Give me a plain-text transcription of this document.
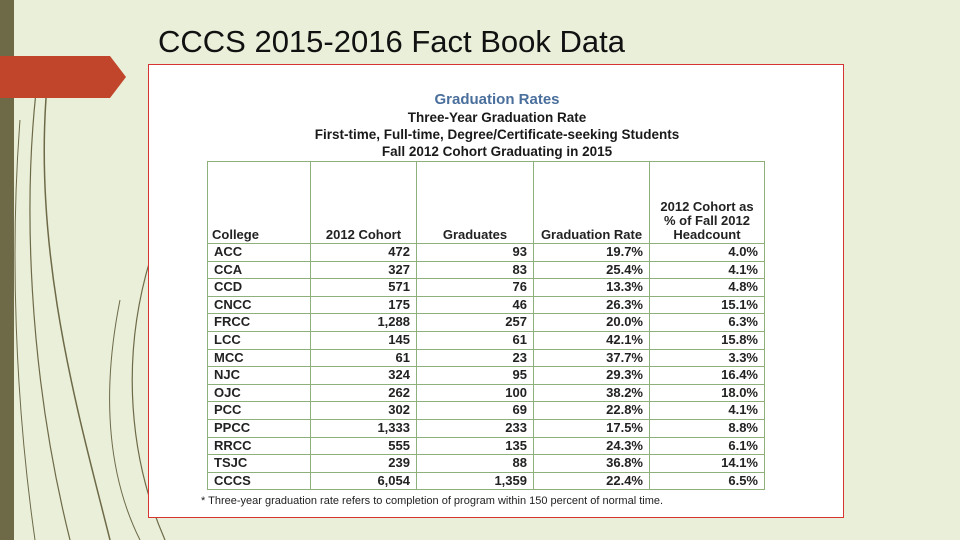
CCCS 2015-2016 Fact Book Data
Graduation Rates
Three-Year Graduation Rate
First-time, Full-time, Degree/Certificate-seeking Students
Fall 2012 Cohort Graduating in 2015
College	2012 Cohort	Graduates	Graduation Rate	2012 Cohort as % of Fall 2012 Headcount
ACC	472	93	19.7%	4.0%
CCA	327	83	25.4%	4.1%
CCD	571	76	13.3%	4.8%
CNCC	175	46	26.3%	15.1%
FRCC	1,288	257	20.0%	6.3%
LCC	145	61	42.1%	15.8%
MCC	61	23	37.7%	3.3%
NJC	324	95	29.3%	16.4%
OJC	262	100	38.2%	18.0%
PCC	302	69	22.8%	4.1%
PPCC	1,333	233	17.5%	8.8%
RRCC	555	135	24.3%	6.1%
TSJC	239	88	36.8%	14.1%
CCCS	6,054	1,359	22.4%	6.5%
* Three-year graduation rate refers to completion of program within 150 percent of normal time.
